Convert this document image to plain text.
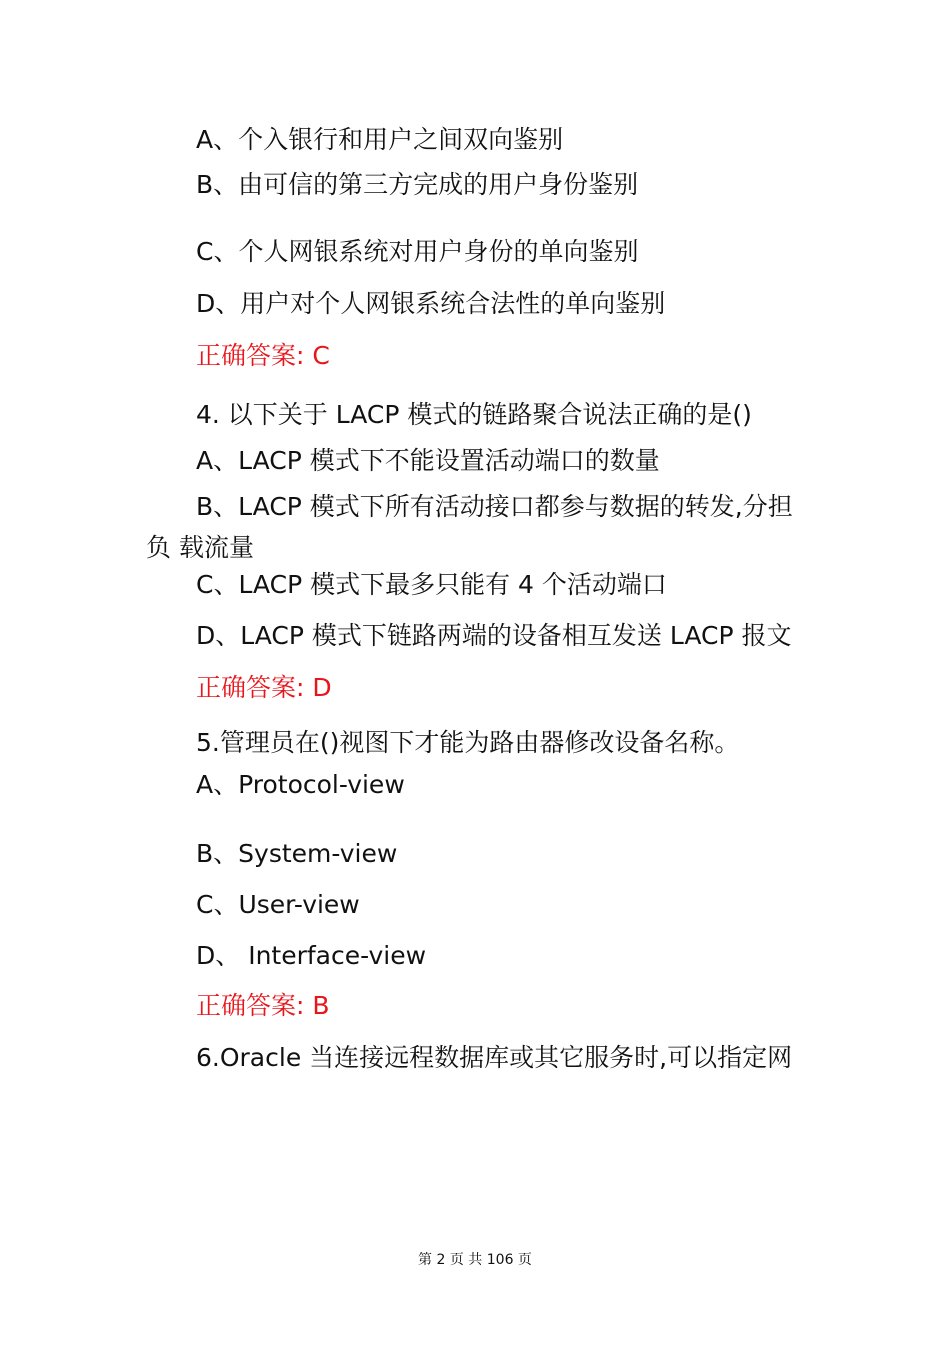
A、个入银行和用户之间双向鉴别
B、由可信的第三方完成的用户身份鉴别
C、个人网银系统对用户身份的单向鉴别
D、用户对个人网银系统合法性的单向鉴别
正确答案: C
4. 以下关于 LACP 模式的链路聚合说法正确的是()
A、LACP 模式下不能设置活动端口的数量
B、LACP 模式下所有活动接口都参与数据的转发,分担
负 载流量
C、LACP 模式下最多只能有 4 个活动端口
D、LACP 模式下链路两端的设备相互发送 LACP 报文
正确答案: D
5.管理员在()视图下才能为路由器修改设备名称。
A、Protocol-view
B、System-view
C、User-view
D、 Interface-view
正确答案: B
6.Oracle 当连接远程数据库或其它服务时,可以指定网
第 2 页 共 106 页
